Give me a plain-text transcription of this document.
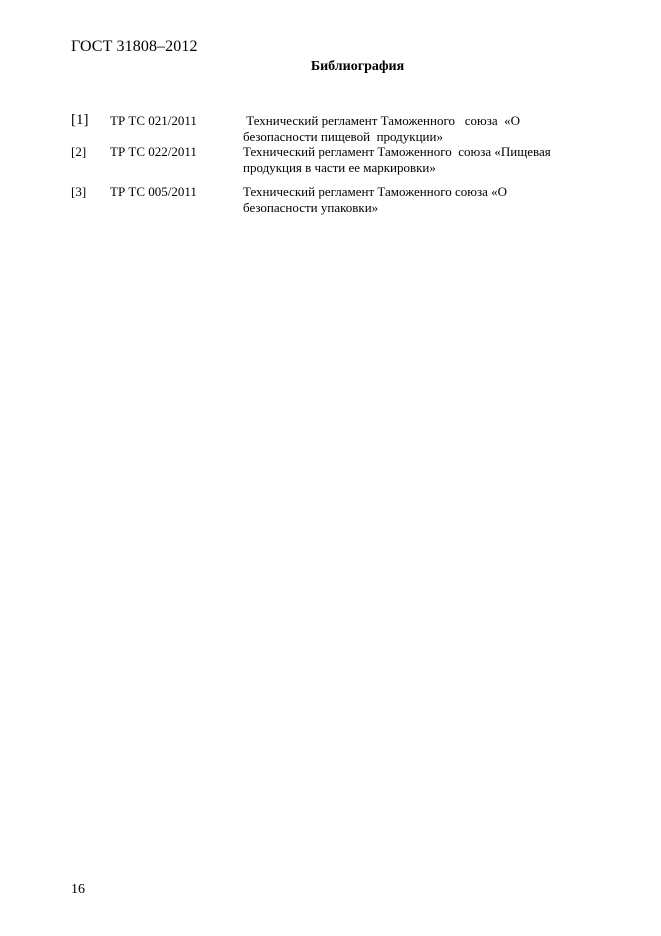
ГОСТ 31808–2012
Библиография
[1] ТР ТС 021/2011	Технический регламент Таможенного   союза  «О
безопасности пищевой  продукции»
[2] ТР ТС 022/2011	Технический регламент Таможенного  союза «Пищевая
продукция в части ее маркировки»
[3] ТР ТС 005/2011	Технический регламент Таможенного союза «О
безопасности упаковки»
16
